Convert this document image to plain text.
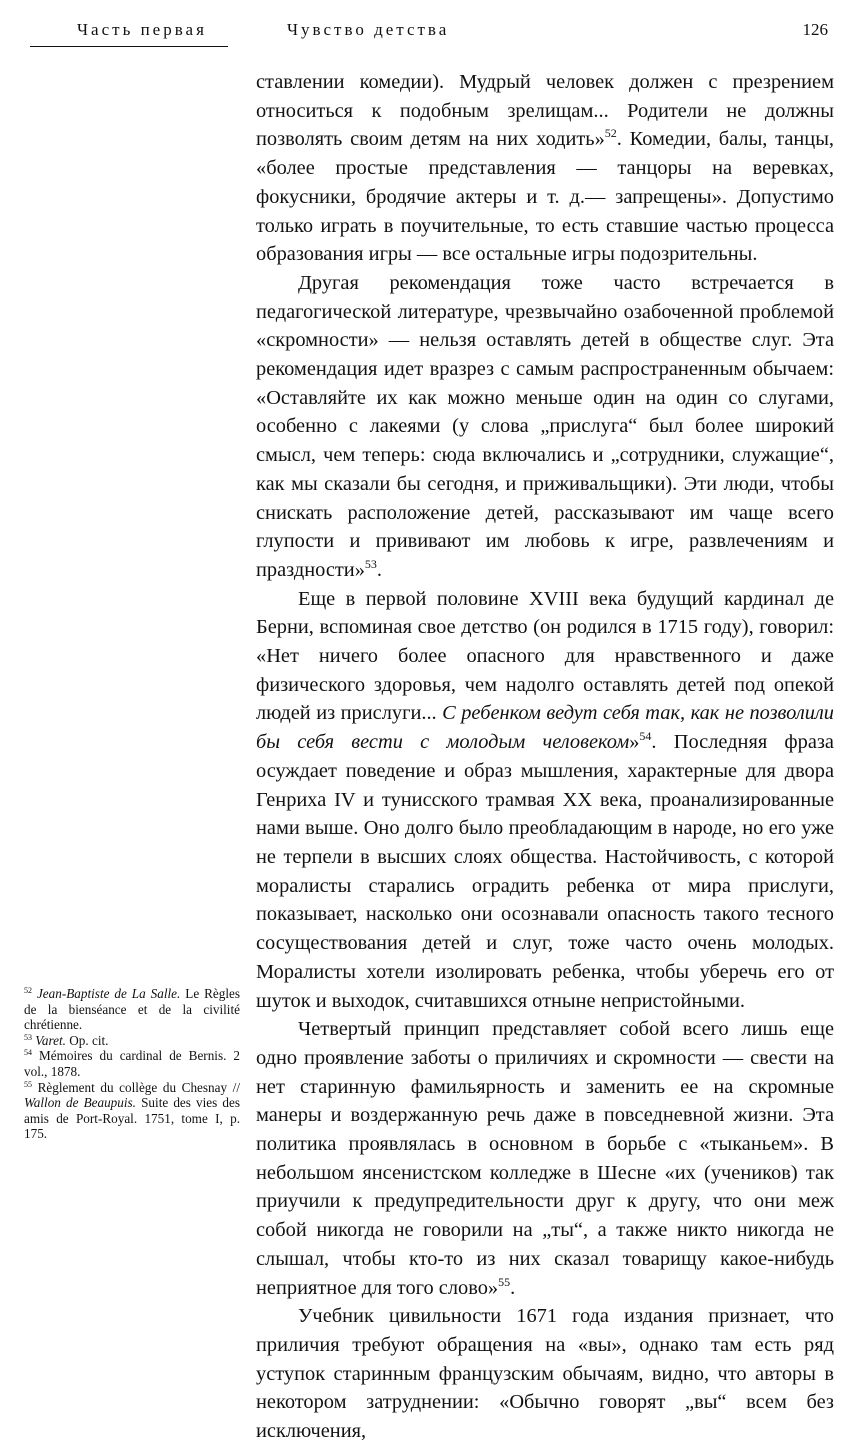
Часть первая	Чувство детства	126

ставлении комедии). Мудрый человек должен с презрением относиться к подобным зрелищам... Родители не должны позволять своим детям на них ходить»$^{52}$. Комедии, балы, танцы, «более простые представления — танцоры на веревках, фокусники, бродячие актеры и т. д.— запрещены». Допустимо только играть в поучительные, то есть ставшие частью процесса образования игры — все остальные игры подозрительны.

Другая рекомендация тоже часто встречается в педагогической литературе, чрезвычайно озабоченной проблемой «скромности» — нельзя оставлять детей в обществе слуг. Эта рекомендация идет вразрез с самым распространенным обычаем: «Оставляйте их как можно меньше один на один со слугами, особенно с лакеями (у слова „прислуга“ был более широкий смысл, чем теперь: сюда включались и „сотрудники, служащие“, как мы сказали бы сегодня, и приживальщики). Эти люди, чтобы снискать расположение детей, рассказывают им чаще всего глупости и прививают им любовь к игре, развлечениям и праздности»$^{53}$.

Еще в первой половине XVIII века будущий кардинал де Берни, вспоминая свое детство (он родился в 1715 году), говорил: «Нет ничего более опасного для нравственного и даже физического здоровья, чем надолго оставлять детей под опекой людей из прислуги... С ребенком ведут себя так, как не позволили бы себя вести с молодым человеком»$^{54}$. Последняя фраза осуждает поведение и образ мышления, характерные для двора Генриха IV и тунисского трамвая XX века, проанализированные нами выше. Оно долго было преобладающим в народе, но его уже не терпели в высших слоях общества. Настойчивость, с которой моралисты старались оградить ребенка от мира прислуги, показывает, насколько они осознавали опасность такого тесного сосуществования детей и слуг, тоже часто очень молодых. Моралисты хотели изолировать ребенка, чтобы уберечь его от шуток и выходок, считавшихся отныне непристойными.

Четвертый принцип представляет собой всего лишь еще одно проявление заботы о приличиях и скромности — свести на нет старинную фамильярность и заменить ее на скромные манеры и воздержанную речь даже в повседневной жизни. Эта политика проявлялась в основном в борьбе с «тыканьем». В небольшом янсенистском колледже в Шесне «их (учеников) так приучили к предупредительности друг к другу, что они меж собой никогда не говорили на „ты“, а также никто никогда не слышал, чтобы кто-то из них сказал товарищу какое-нибудь неприятное для того слово»$^{55}$.

Учебник цивильности 1671 года издания признает, что приличия требуют обращения на «вы», однако там есть ряд уступок старинным французским обычаям, видно, что авторы в некотором затруднении: «Обычно говорят „вы“ всем без исключения,

$^{52}$ Jean-Baptiste de La Salle. Le Règles de la bienséance et de la civilité chrétienne.
$^{53}$ Varet. Op. cit.
$^{54}$ Mémoires du cardinal de Bernis. 2 vol., 1878.
$^{55}$ Règlement du collège du Chesnay // Wallon de Beaupuis. Suite des vies des amis de Port-Royal. 1751, tome I, p. 175.
